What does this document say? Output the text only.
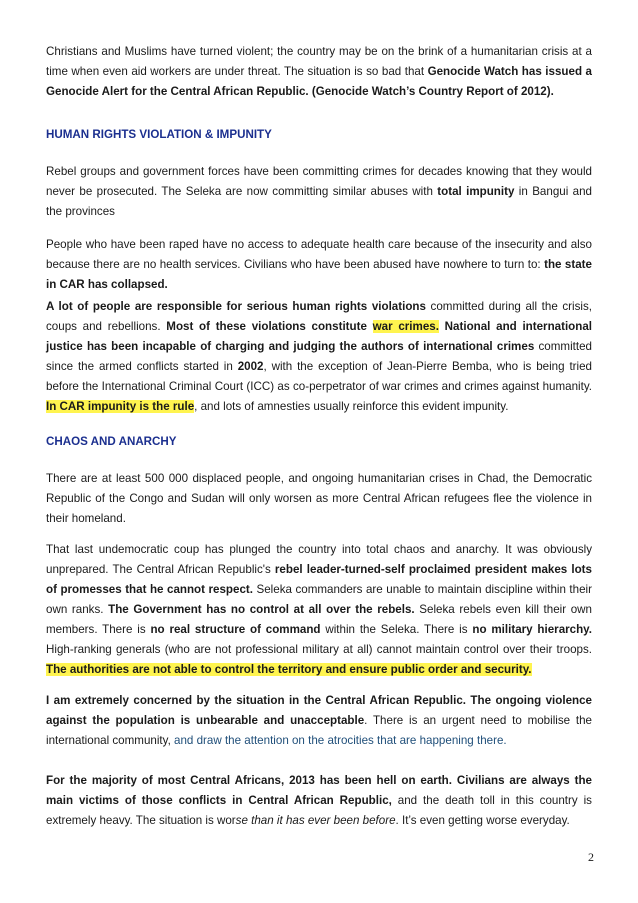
Christians and Muslims have turned violent; the country may be on the brink of a humanitarian crisis at a time when even aid workers are under threat. The situation is so bad that Genocide Watch has issued a Genocide Alert for the Central African Republic. (Genocide Watch’s Country Report of 2012).

HUMAN RIGHTS VIOLATION & IMPUNITY

Rebel groups and government forces have been committing crimes for decades knowing that they would never be prosecuted. The Seleka are now committing similar abuses with total impunity in Bangui and the provinces

People who have been raped have no access to adequate health care because of the insecurity and also because there are no health services. Civilians who have been abused have nowhere to turn to: the state in CAR has collapsed.

A lot of people are responsible for serious human rights violations committed during all the crisis, coups and rebellions. Most of these violations constitute war crimes. National and international justice has been incapable of charging and judging the authors of international crimes committed since the armed conflicts started in 2002, with the exception of Jean-Pierre Bemba, who is being tried before the International Criminal Court (ICC) as co-perpetrator of war crimes and crimes against humanity. In CAR impunity is the rule, and lots of amnesties usually reinforce this evident impunity.

CHAOS AND ANARCHY

There are at least 500 000 displaced people, and ongoing humanitarian crises in Chad, the Democratic Republic of the Congo and Sudan will only worsen as more Central African refugees flee the violence in their homeland.

That last undemocratic coup has plunged the country into total chaos and anarchy. It was obviously unprepared. The Central African Republic's rebel leader-turned-self proclaimed president makes lots of promesses that he cannot respect. Seleka commanders are unable to maintain discipline within their own ranks. The Government has no control at all over the rebels. Seleka rebels even kill their own members. There is no real structure of command within the Seleka. There is no military hierarchy. High-ranking generals (who are not professional military at all) cannot maintain control over their troops. The authorities are not able to control the territory and ensure public order and security.

I am extremely concerned by the situation in the Central African Republic. The ongoing violence against the population is unbearable and unacceptable. There is an urgent need to mobilise the international community, and draw the attention on the atrocities that are happening there.

For the majority of most Central Africans, 2013 has been hell on earth. Civilians are always the main victims of those conflicts in Central African Republic, and the death toll in this country is extremely heavy. The situation is worse than it has ever been before. It’s even getting worse everyday.

2
